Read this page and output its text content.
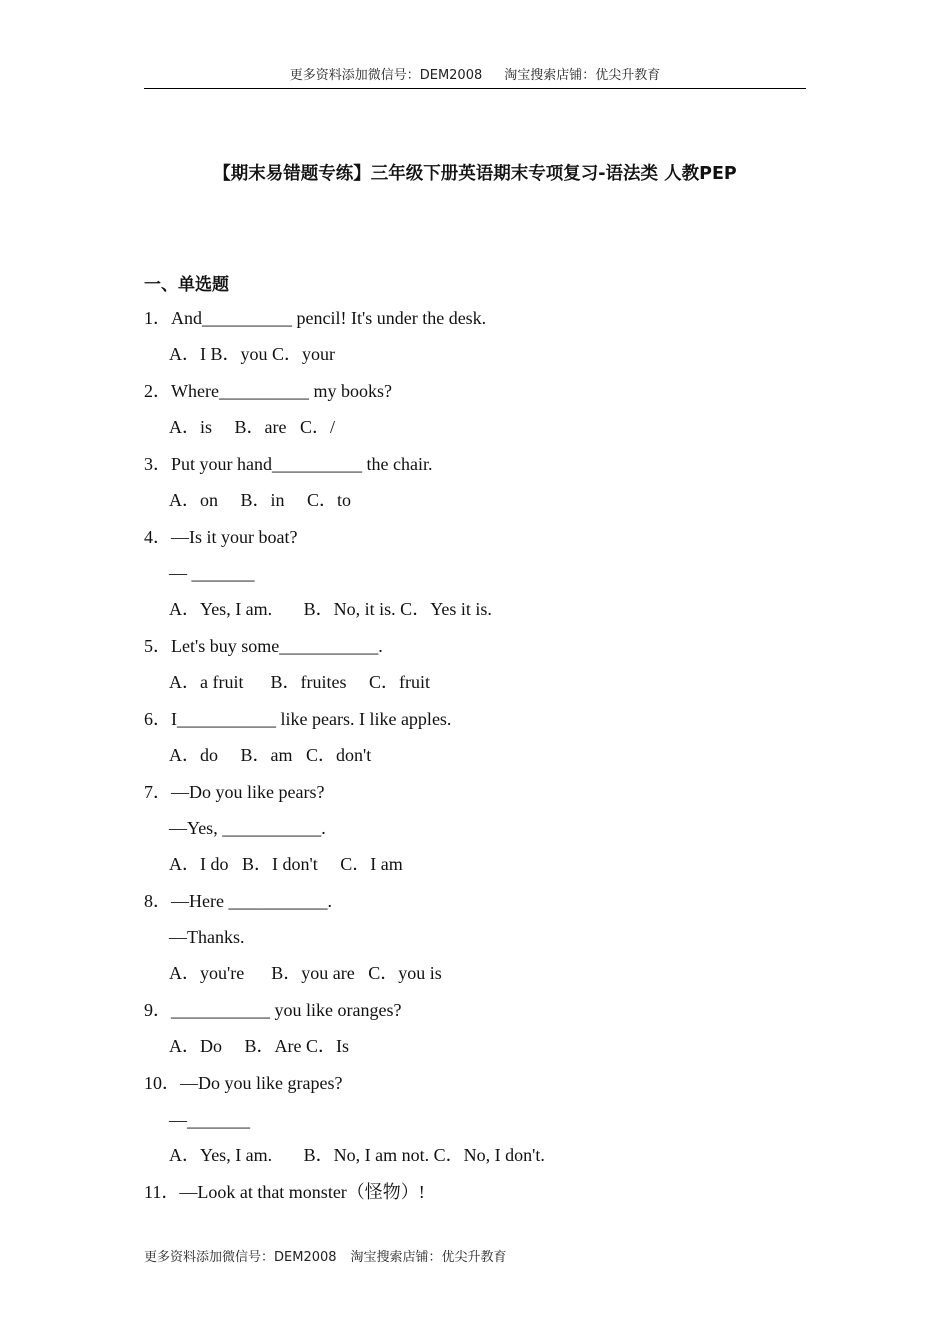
更多资料添加微信号：DEM2008 淘宝搜索店铺：优尖升教育
【期末易错题专练】三年级下册英语期末专项复习-语法类 人教PEP
一、单选题
1．And__________ pencil! It's under the desk.
A．I B．you C．your
2．Where__________ my books?
A．is     B．are   C．/
3．Put your hand__________ the chair.
A．on     B．in     C．to
4．—Is it your boat?
— _______
A．Yes, I am.       B．No, it is. C．Yes it is.
5．Let's buy some___________.
A．a fruit      B．fruites     C．fruit
6．I___________ like pears. I like apples.
A．do     B．am   C．don't
7．—Do you like pears?
—Yes, ___________.
A．I do   B．I don't     C．I am
8．—Here ___________.
—Thanks.
A．you're      B．you are   C．you is
9．___________ you like oranges?
A．Do     B．Are C．Is
10．—Do you like grapes?
—_______
A．Yes, I am.       B．No, I am not. C．No, I don't.
11．—Look at that monster（怪物）!
更多资料添加微信号：DEM2008 淘宝搜索店铺：优尖升教育
